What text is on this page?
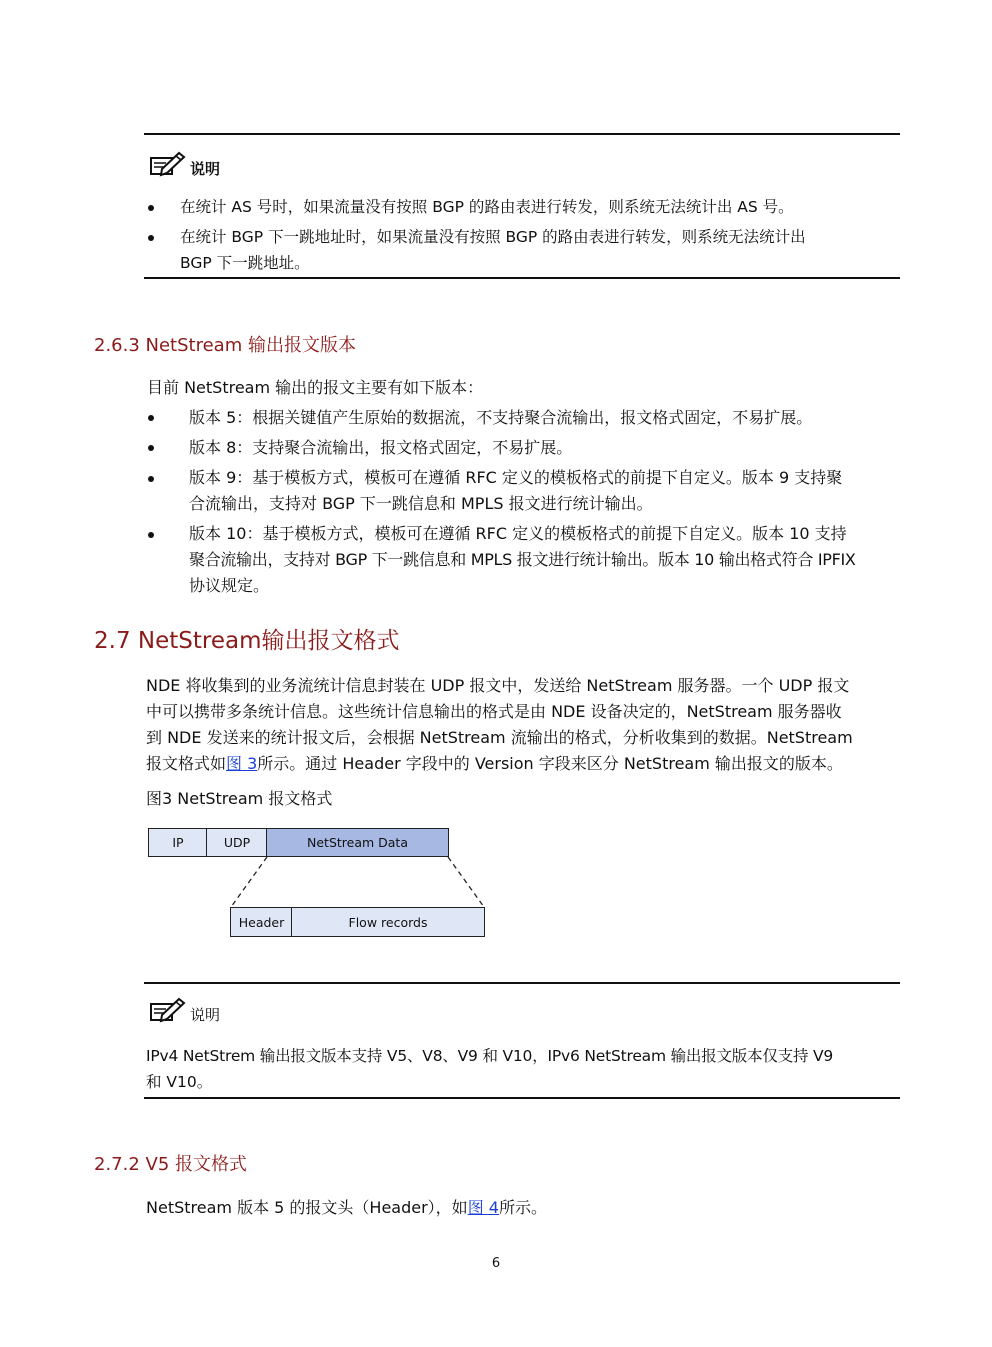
说明
在统计 AS 号时，如果流量没有按照 BGP 的路由表进行转发，则系统无法统计出 AS 号。
在统计 BGP 下一跳地址时，如果流量没有按照 BGP 的路由表进行转发，则系统无法统计出
BGP 下一跳地址。
2.6.3 NetStream 输出报文版本
目前 NetStream 输出的报文主要有如下版本：
版本 5：根据关键值产生原始的数据流，不支持聚合流输出，报文格式固定，不易扩展。
版本 8：支持聚合流输出，报文格式固定，不易扩展。
版本 9：基于模板方式，模板可在遵循 RFC 定义的模板格式的前提下自定义。版本 9 支持聚
合流输出，支持对 BGP 下一跳信息和 MPLS 报文进行统计输出。
版本 10：基于模板方式，模板可在遵循 RFC 定义的模板格式的前提下自定义。版本 10 支持
聚合流输出，支持对 BGP 下一跳信息和 MPLS 报文进行统计输出。版本 10 输出格式符合 IPFIX
协议规定。
2.7 NetStream输出报文格式
NDE 将收集到的业务流统计信息封装在 UDP 报文中，发送给 NetStream 服务器。一个 UDP 报文
中可以携带多条统计信息。这些统计信息输出的格式是由 NDE 设备决定的，NetStream 服务器收
到 NDE 发送来的统计报文后，会根据 NetStream 流输出的格式，分析收集到的数据。NetStream
报文格式如图 3所示。通过 Header 字段中的 Version 字段来区分 NetStream 输出报文的版本。
图3 NetStream 报文格式
IP	UDP	NetStream Data
Header	Flow records
说明
IPv4 NetStrem 输出报文版本支持 V5、V8、V9 和 V10，IPv6 NetStream 输出报文版本仅支持 V9
和 V10。
2.7.2 V5 报文格式
NetStream 版本 5 的报文头（Header），如图 4所示。
6
